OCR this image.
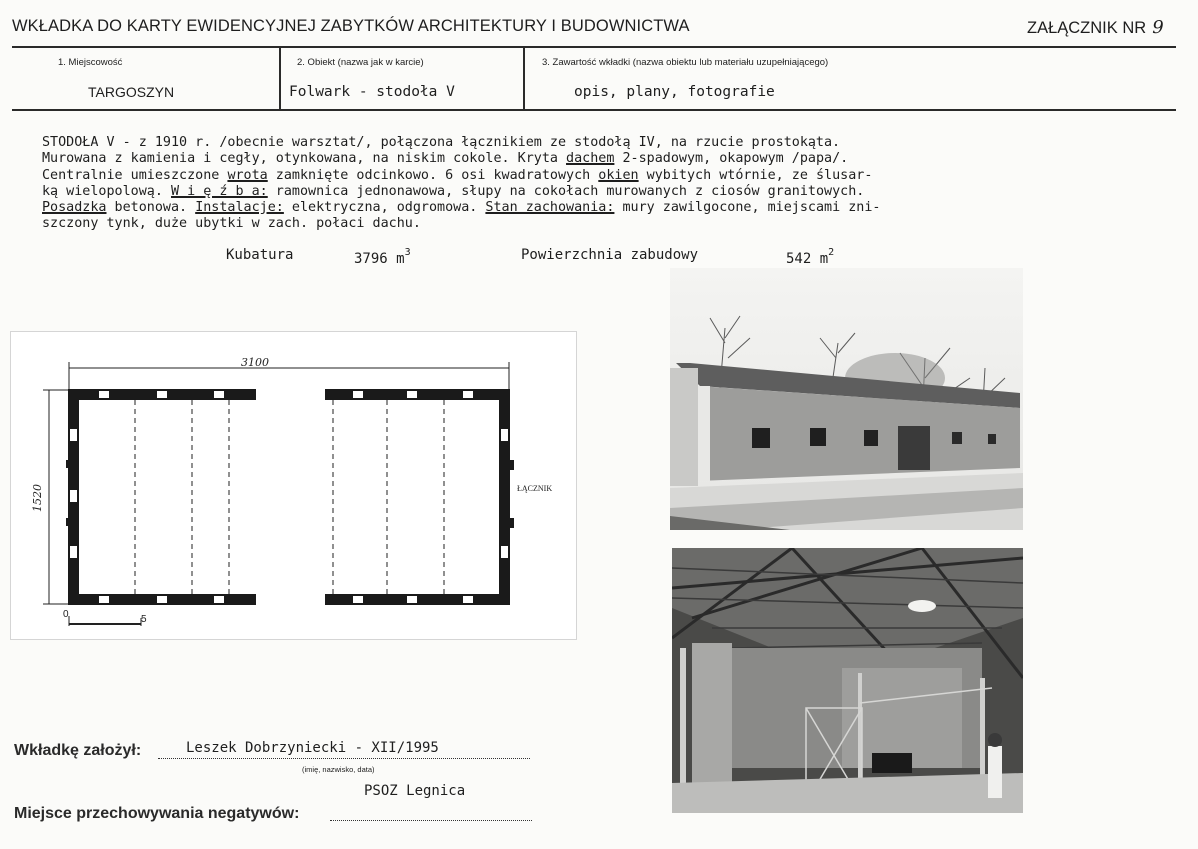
WKŁADKA DO KARTY EWIDENCYJNEJ ZABYTKÓW ARCHITEKTURY I BUDOWNICTWA	ZAŁĄCZNIK NR 9
1. Miejscowość
TARGOSZYN
2. Obiekt (nazwa jak w karcie)
Folwark - stodoła V
3. Zawartość wkładki (nazwa obiektu lub materiału uzupełniającego)
opis, plany, fotografie

STODOŁA V - z 1910 r. /obecnie warsztat/, połączona łącznikiem ze stodołą IV, na rzucie prostokąta.

Murowana z kamienia i cegły, otynkowana, na niskim cokole. Kryta dachem 2-spadowym, okapowym /papa/.

Centralnie umieszczone wrota zamknięte odcinkowo. 6 osi kwadratowych okien wybitych wtórnie, ze ślusar-

ką wielopolową. W i ę ź b a: ramownica jednonawowa, słupy na cokołach murowanych z ciosów granitowych.

Posadzka betonowa. Instalacje: elektryczna, odgromowa. Stan zachowania: mury zawilgocone, miejscami zni-

szczony tynk, duże ubytki w zach. połaci dachu.

Kubatura	3796 $m^3$	Powierzchnia zabudowy	542 $m^2$
3100
1520	ŁĄCZNIK
0	5
Wkładkę założył:	Leszek Dobrzyniecki - XII/1995
(imię, nazwisko, data)
PSOZ Legnica
Miejsce przechowywania negatywów:
